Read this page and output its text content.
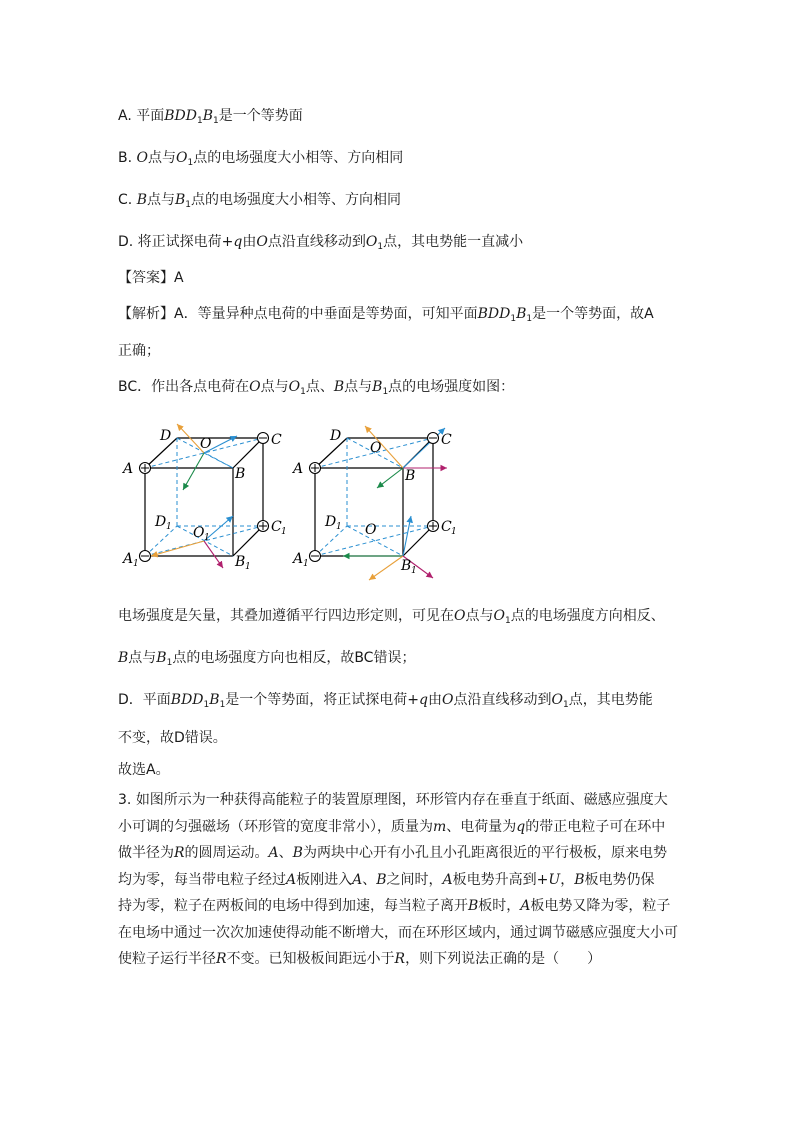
A. 平面$BDD_1B_1$是一个等势面
B. O点与$O_1$点的电场强度大小相等、方向相同
C. B点与$B_1$点的电场强度大小相等、方向相同
D. 将正试探电荷+q由O点沿直线移动到$O_1$点，其电势能一直减小
【答案】A
【解析】A．等量异种点电荷的中垂面是等势面，可知平面$BDD_1B_1$是一个等势面，故A
正确；
BC．作出各点电荷在O点与$O_1$点、B点与$B_1$点的电场强度如图：
A
D O	C
B
D 1 O 1
C 1
A 1	B 1
A
D
O	C
B
D 1 O	C 1
A 1	B 1
电场强度是矢量，其叠加遵循平行四边形定则，可见在O点与$O_1$点的电场强度方向相反、
B点与$B_1$点的电场强度方向也相反，故BC错误；
D．平面$BDD_1B_1$是一个等势面，将正试探电荷+q由O点沿直线移动到$O_1$点，其电势能
不变，故D错误。
故选A。
3. 如图所示为一种获得高能粒子的装置原理图，环形管内存在垂直于纸面、磁感应强度大
小可调的匀强磁场（环形管的宽度非常小），质量为m、电荷量为q的带正电粒子可在环中
做半径为R的圆周运动。A、B为两块中心开有小孔且小孔距离很近的平行极板，原来电势
均为零，每当带电粒子经过A板刚进入A、B之间时，A板电势升高到+U，B板电势仍保
持为零，粒子在两板间的电场中得到加速，每当粒子离开B板时，A板电势又降为零，粒子
在电场中通过一次次加速使得动能不断增大，而在环形区域内，通过调节磁感应强度大小可
使粒子运行半径R不变。已知极板间距远小于R，则下列说法正确的是（　　）
